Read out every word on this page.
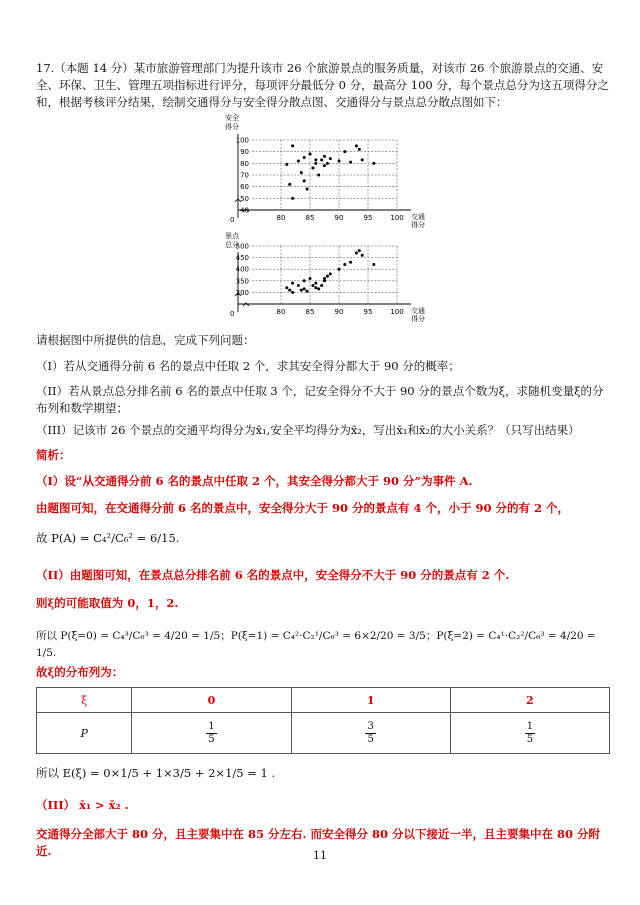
17.（本题 14 分）某市旅游管理部门为提升该市 26 个旅游景点的服务质量，对该市 26 个旅游景点的交通、安全、环保、卫生、管理五项指标进行评分，每项评分最低分 0 分，最高分 100 分，每个景点总分为这五项得分之和，根据考核评分结果，绘制交通得分与安全得分散点图、交通得分与景点总分散点图如下：
安全
得分
40
50
60
70
80
90
100
80	85	90	95	100
0	交通
得分
景点
总分
300
350
400
450
500
80	85	90	95	100
0	交通
得分
请根据图中所提供的信息，完成下列问题：
（I）若从交通得分前 6 名的景点中任取 2 个，求其安全得分都大于 90 分的概率；
（II）若从景点总分排名前 6 名的景点中任取 3 个，记安全得分不大于 90 分的景点个数为ξ，求随机变量ξ的分布列和数学期望；
（III）记该市 26 个景点的交通平均得分为x̄₁,安全平均得分为x̄₂，写出x̄₁和x̄₂的大小关系？（只写出结果）
简析：
（I）设“从交通得分前 6 名的景点中任取 2 个，其安全得分都大于 90 分”为事件 A.
由题图可知，在交通得分前 6 名的景点中，安全得分大于 90 分的景点有 4 个，小于 90 分的有 2 个，
故 P(A) = C₄²/C₆² = 6/15.
（II）由题图可知，在景点总分排名前 6 名的景点中，安全得分不大于 90 分的景点有 2 个.
则ξ的可能取值为 0，1，2.
所以 P(ξ=0) = C₄³/C₆³ = 4/20 = 1/5；P(ξ=1) = C₄²·C₂¹/C₆³ = 6×2/20 = 3/5；P(ξ=2) = C₄¹·C₂²/C₆³ = 4/20 = 1/5.
故ξ的分布列为：
ξ	0	1	2
P	$\frac{1}{5}$	$\frac{3}{5}$	$\frac{1}{5}$
所以 E(ξ) = 0×1/5 + 1×3/5 + 2×1/5 = 1 .
（III） x̄₁ > x̄₂ .
交通得分全部大于 80 分，且主要集中在 85 分左右. 而安全得分 80 分以下接近一半，且主要集中在 80 分附近.	11
